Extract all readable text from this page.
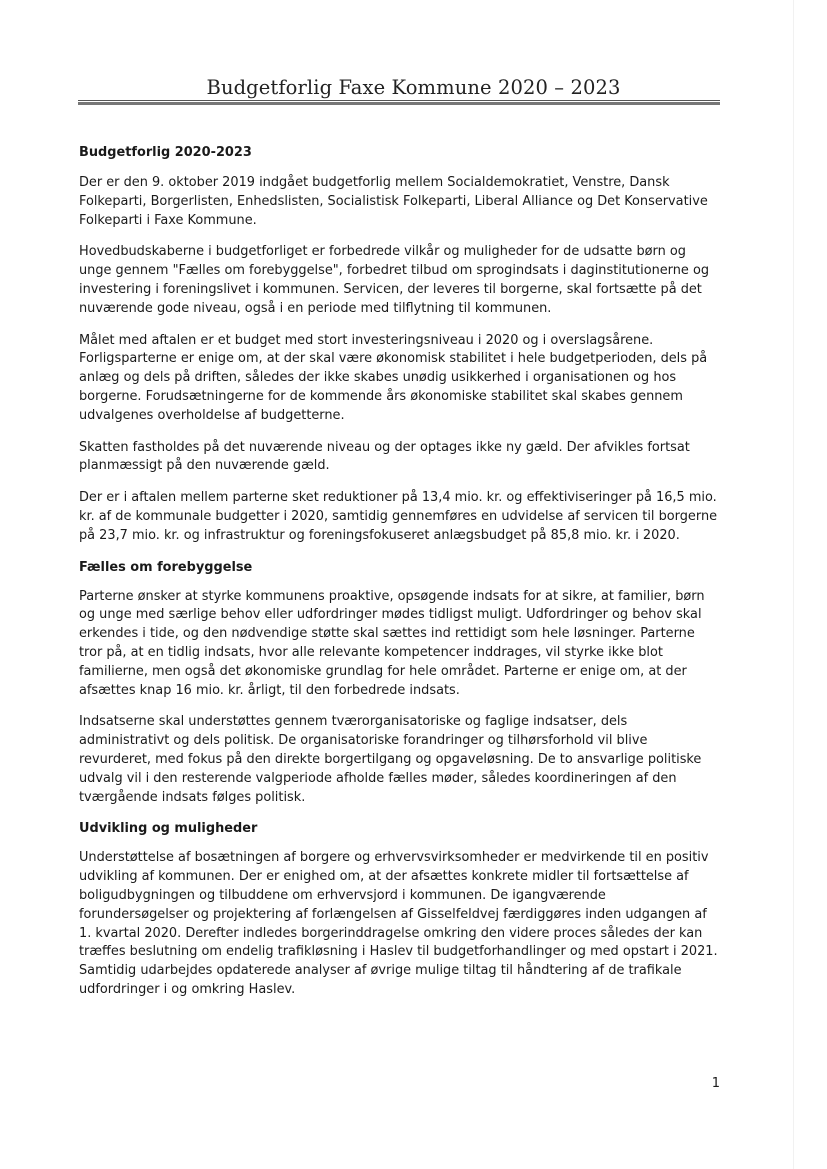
Budgetforlig Faxe Kommune 2020 – 2023
Budgetforlig 2020-2023

Der er den 9. oktober 2019 indgået budgetforlig mellem Socialdemokratiet, Venstre, Dansk Folkeparti, Borgerlisten, Enhedslisten, Socialistisk Folkeparti, Liberal Alliance og Det Konservative Folkeparti i Faxe Kommune.

Hovedbudskaberne i budgetforliget er forbedrede vilkår og muligheder for de udsatte børn og unge gennem "Fælles om forebyggelse", forbedret tilbud om sprogindsats i daginstitutionerne og investering i foreningslivet i kommunen. Servicen, der leveres til borgerne, skal fortsætte på det nuværende gode niveau, også i en periode med tilflytning til kommunen.

Målet med aftalen er et budget med stort investeringsniveau i 2020 og i overslagsårene. Forligsparterne er enige om, at der skal være økonomisk stabilitet i hele budgetperioden, dels på anlæg og dels på driften, således der ikke skabes unødig usikkerhed i organisationen og hos borgerne. Forudsætningerne for de kommende års økonomiske stabilitet skal skabes gennem udvalgenes overholdelse af budgetterne.

Skatten fastholdes på det nuværende niveau og der optages ikke ny gæld. Der afvikles fortsat planmæssigt på den nuværende gæld.

Der er i aftalen mellem parterne sket reduktioner på 13,4 mio. kr. og effektiviseringer på 16,5 mio. kr. af de kommunale budgetter i 2020, samtidig gennemføres en udvidelse af servicen til borgerne på 23,7 mio. kr. og infrastruktur og foreningsfokuseret anlægsbudget på 85,8 mio. kr. i 2020.

Fælles om forebyggelse

Parterne ønsker at styrke kommunens proaktive, opsøgende indsats for at sikre, at familier, børn og unge med særlige behov eller udfordringer mødes tidligst muligt. Udfordringer og behov skal erkendes i tide, og den nødvendige støtte skal sættes ind rettidigt som hele løsninger. Parterne tror på, at en tidlig indsats, hvor alle relevante kompetencer inddrages, vil styrke ikke blot familierne, men også det økonomiske grundlag for hele området. Parterne er enige om, at der afsættes knap 16 mio. kr. årligt, til den forbedrede indsats.

Indsatserne skal understøttes gennem tværorganisatoriske og faglige indsatser, dels administrativt og dels politisk. De organisatoriske forandringer og tilhørsforhold vil blive revurderet, med fokus på den direkte borgertilgang og opgaveløsning. De to ansvarlige politiske udvalg vil i den resterende valgperiode afholde fælles møder, således koordineringen af den tværgående indsats følges politisk.

Udvikling og muligheder

Understøttelse af bosætningen af borgere og erhvervsvirksomheder er medvirkende til en positiv udvikling af kommunen. Der er enighed om, at der afsættes konkrete midler til fortsættelse af boligudbygningen og tilbuddene om erhvervsjord i kommunen. De igangværende forundersøgelser og projektering af forlængelsen af Gisselfeldvej færdiggøres inden udgangen af 1. kvartal 2020. Derefter indledes borgerinddragelse omkring den videre proces således der kan træffes beslutning om endelig trafikløsning i Haslev til budgetforhandlinger og med opstart i 2021. Samtidig udarbejdes opdaterede analyser af øvrige mulige tiltag til håndtering af de trafikale udfordringer i og omkring Haslev.

1
